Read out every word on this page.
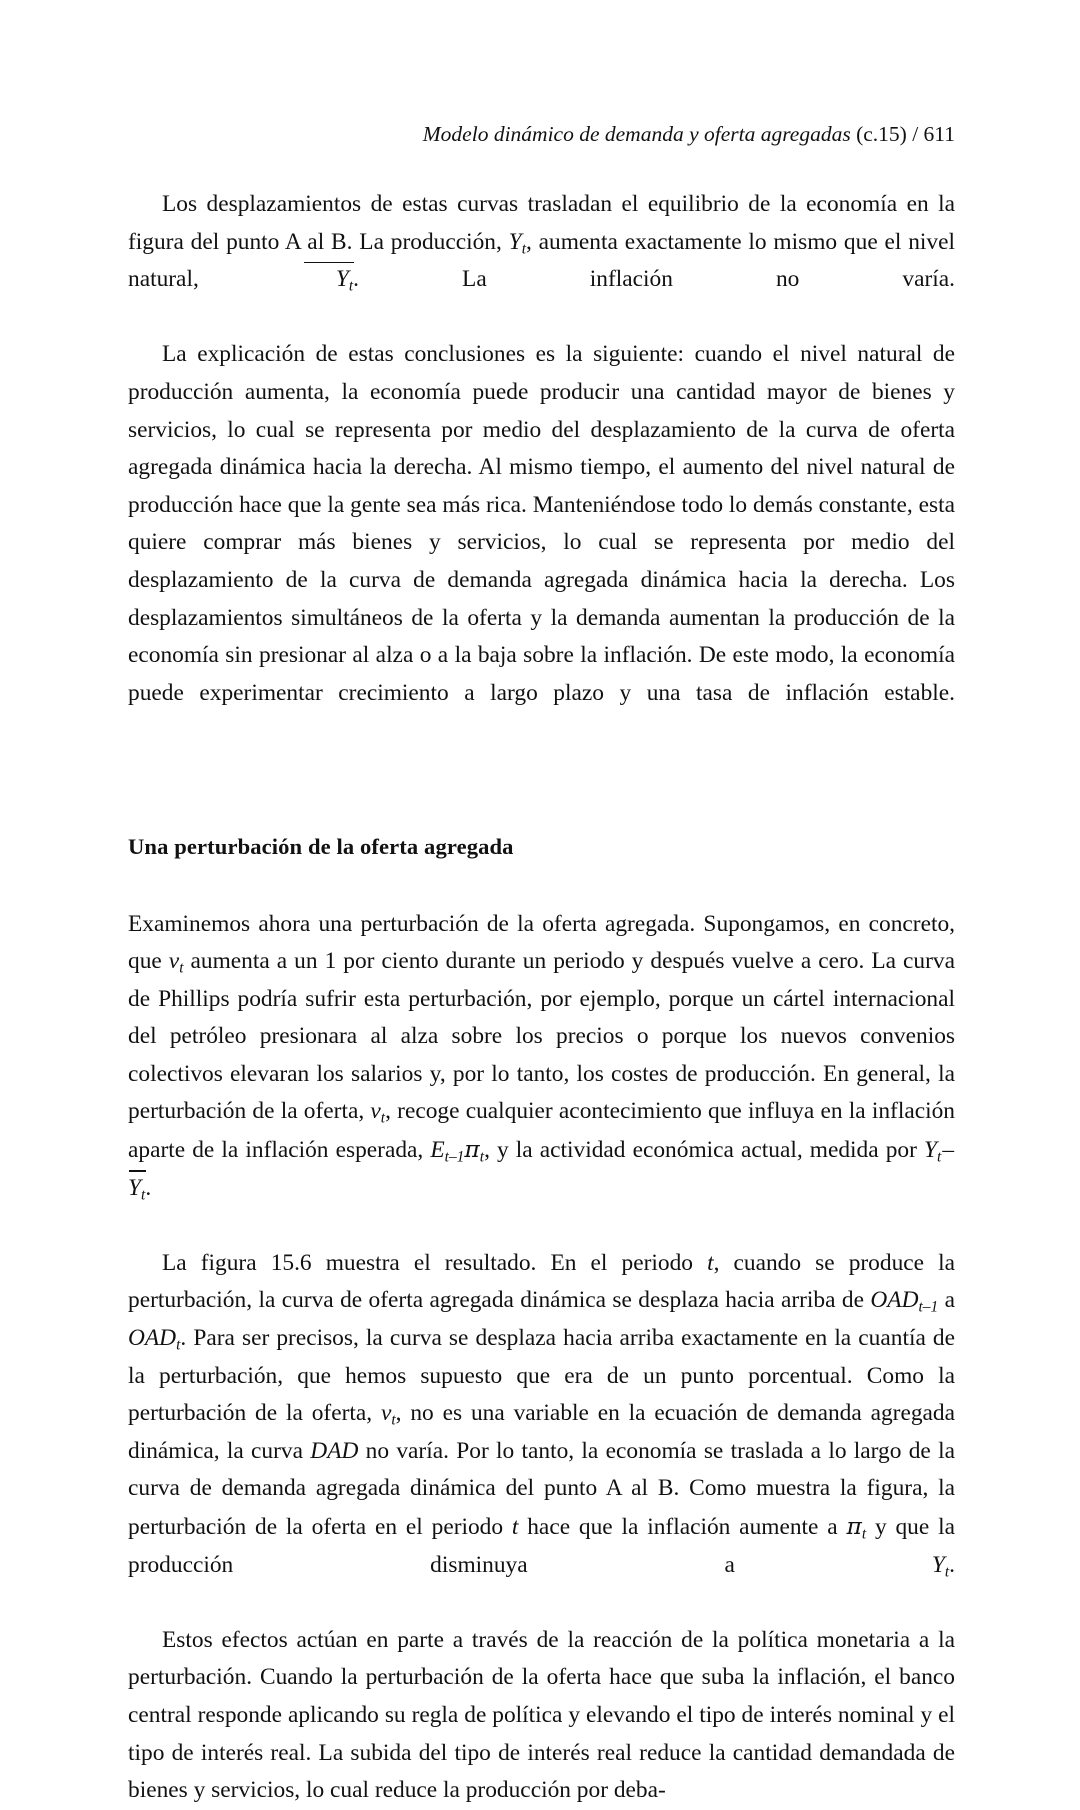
Modelo dinámico de demanda y oferta agregadas (c.15) / 611

Los desplazamientos de estas curvas trasladan el equilibrio de la economía en la figura del punto A al B. La producción, $Y_t$, aumenta exactamente lo mismo que el nivel natural,
$Y_t$. La inflación no varía.

La explicación de estas conclusiones es la siguiente: cuando el nivel natural de producción aumenta, la economía puede producir una cantidad mayor de bienes y servicios, lo cual se representa por medio del desplazamiento de la curva de oferta agregada dinámica hacia la derecha. Al mismo tiempo, el aumento del nivel natural de producción hace que la gente sea más rica. Manteniéndose todo lo demás constante, esta quiere comprar más bienes y servicios, lo cual se representa por medio del desplazamiento de la curva de demanda agregada dinámica hacia la derecha. Los desplazamientos simultáneos de la oferta y la demanda aumentan la producción de la economía sin presionar al alza o a la baja sobre la inflación. De este modo, la economía puede experimentar crecimiento a largo plazo y una tasa de inflación estable.

Una perturbación de la oferta agregada

Examinemos ahora una perturbación de la oferta agregada. Supongamos, en concreto, que $v_t$ aumenta a un 1 por ciento durante un periodo y después vuelve a cero. La curva de Phillips podría sufrir esta perturbación, por ejemplo, porque un cártel internacional del petróleo presionara al alza sobre los precios o porque los nuevos convenios colectivos elevaran los salarios y, por lo tanto, los costes de producción. En general, la perturbación de la oferta, $v_t$, recoge cualquier acontecimiento que influya en la inflación aparte de la inflación esperada, $E_{t-1}\pi_t$, y la actividad económica actual, medida por $Y_t-$
$Y_t$.

La figura 15.6 muestra el resultado. En el periodo t, cuando se produce la perturbación, la curva de oferta agregada dinámica se desplaza hacia arriba de $OAD_{t-1}$ a $OAD_t$. Para ser precisos, la curva se desplaza hacia arriba exactamente en la cuantía de la perturbación, que hemos supuesto que era de un punto porcentual. Como la perturbación de la oferta, $v_t$, no es una variable en la ecuación de demanda agregada dinámica, la curva DAD no varía. Por lo tanto, la economía se traslada a lo largo de la curva de demanda agregada dinámica del punto A al B. Como muestra la figura, la perturbación de la oferta en el periodo t hace que la inflación aumente a $\pi_t$ y que la producción disminuya a $Y_t$.

Estos efectos actúan en parte a través de la reacción de la política monetaria a la perturbación. Cuando la perturbación de la oferta hace que suba la inflación, el banco central responde aplicando su regla de política y elevando el tipo de interés nominal y el tipo de interés real. La subida del tipo de interés real reduce la cantidad demandada de bienes y servicios, lo cual reduce la producción por deba-
